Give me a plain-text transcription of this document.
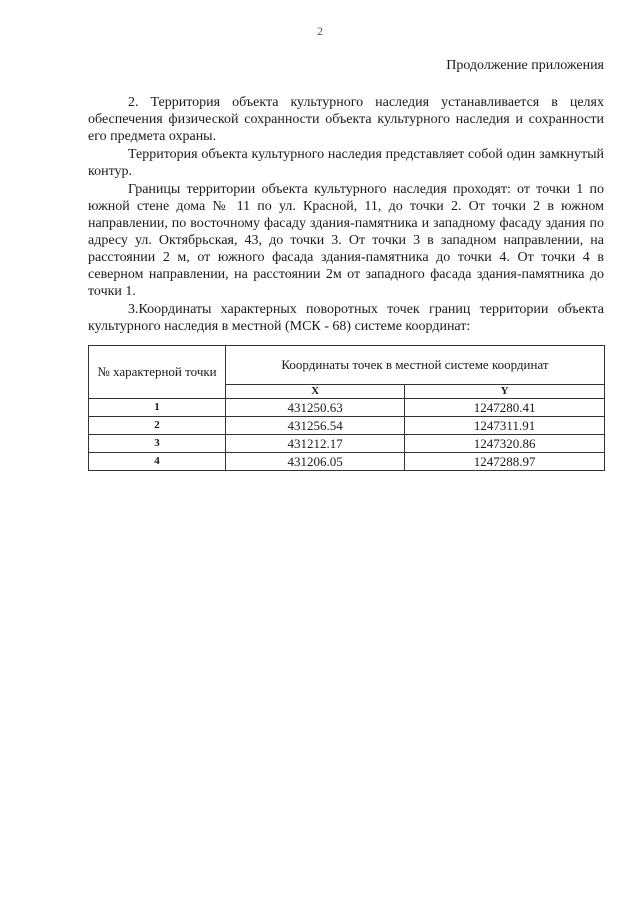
2
Продолжение приложения

2. Территория объекта культурного наследия устанавливается в целях обеспечения физической сохранности объекта культурного наследия и сохранности его предмета охраны.

Территория объекта культурного наследия представляет собой один замкнутый контур.

Границы территории объекта культурного наследия проходят: от точки 1 по южной стене дома № 11 по ул. Красной, 11, до точки 2. От точки 2 в южном направлении, по восточному фасаду здания-памятника и западному фасаду здания по адресу ул. Октябрьская, 43, до точки 3. От точки 3 в западном направлении, на расстоянии 2 м, от южного фасада здания-памятника до точки 4. От точки 4 в северном направлении, на расстоянии 2м от западного фасада здания-памятника до точки 1.

3.Координаты характерных поворотных точек границ территории объекта культурного наследия в местной (МСК - 68) системе координат:

№ характерной точки	Координаты точек в местной системе координат	
	X	Y
1	431250.63	1247280.41
2	431256.54	1247311.91
3	431212.17	1247320.86
4	431206.05	1247288.97
